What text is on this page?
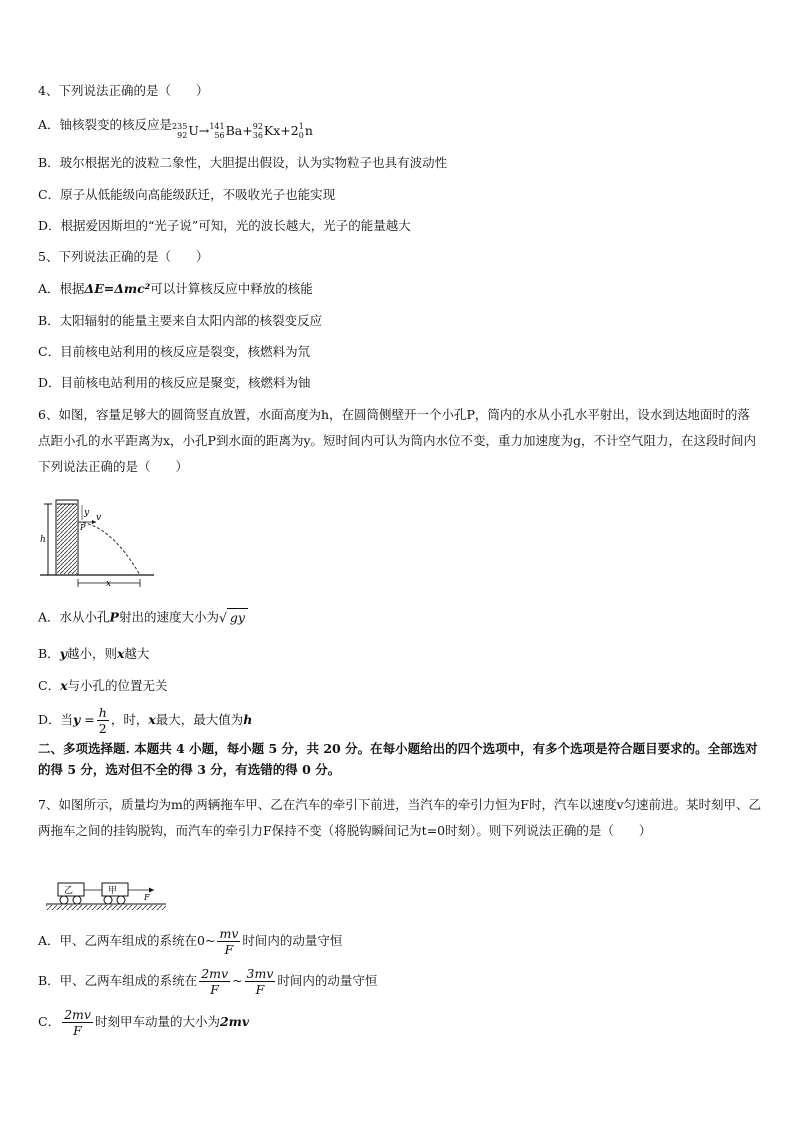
4、下列说法正确的是（　　）
A．铀核裂变的核反应是 235
92 U→ 141
56 Ba+ 92
36 Kx+2 1
0 n
B．玻尔根据光的波粒二象性，大胆提出假设，认为实物粒子也具有波动性
C．原子从低能级向高能级跃迁，不吸收光子也能实现
D．根据爱因斯坦的“光子说”可知，光的波长越大，光子的能量越大
5、下列说法正确的是（　　）
A．根据ΔE=Δmc²可以计算核反应中释放的核能
B．太阳辐射的能量主要来自太阳内部的核裂变反应
C．目前核电站利用的核反应是裂变，核燃料为氘
D．目前核电站利用的核反应是聚变，核燃料为铀
6、如图，容量足够大的圆筒竖直放置，水面高度为h，在圆筒侧壁开一个小孔P，筒内的水从小孔水平射出，设水到达地面时的落点距小孔的水平距离为x，小孔P到水面的距离为y。短时间内可认为筒内水位不变，重力加速度为g，不计空气阻力，在这段时间内下列说法正确的是（　　）
y v
P
h
x
A．水从小孔P射出的速度大小为√ gy
B．y越小，则x越大
C．x与小孔的位置无关
D．当$y = \frac{h}{2}$ ，时，x最大，最大值为h
二、多项选择题. 本题共 4 小题，每小题 5 分，共 20 分。在每小题给出的四个选项中，有多个选项是符合题目要求的。全部选对的得 5 分，选对但不全的得 3 分，有选错的得 0 分。
7、如图所示，质量均为m的两辆拖车甲、乙在汽车的牵引下前进，当汽车的牵引力恒为F时，汽车以速度v匀速前进。某时刻甲、乙两拖车之间的挂钩脱钩，而汽车的牵引力F保持不变（将脱钩瞬间记为t=0时刻）。则下列说法正确的是（　　）
乙	甲
F
A．甲、乙两车组成的系统在0~ $\frac{mv}{F}$ 时间内的动量守恒
B．甲、乙两车组成的系统在 $\frac{2mv}{F}$ ~ $\frac{3mv}{F}$ 时间内的动量守恒
C． $\frac{2mv}{F}$ 时刻甲车动量的大小为2mv
